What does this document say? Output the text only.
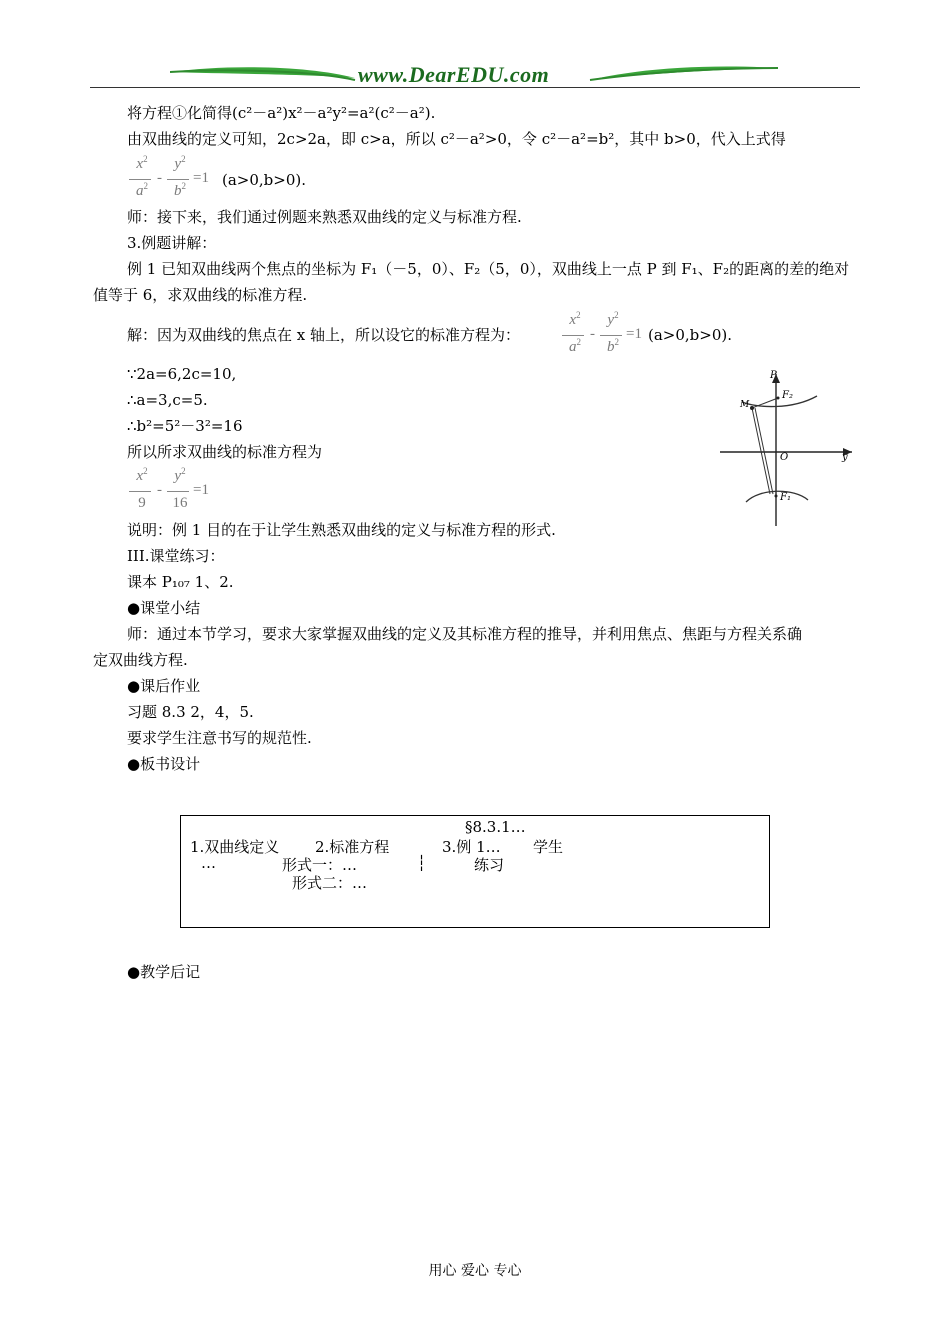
www.DearEDU.com
将方程①化简得(c²－a²)x²－a²y²=a²(c²－a²).
由双曲线的定义可知，2c>2a，即 c>a，所以 c²－a²>0，令 c²－a²=b²，其中 b>0，代入上式得
$x^2$
$a^2$ -
$y^2$
$b^2 =1$ (a>0,b>0).
师：接下来，我们通过例题来熟悉双曲线的定义与标准方程.
3.例题讲解：
例 1 已知双曲线两个焦点的坐标为 F₁（－5，0）、F₂（5，0），双曲线上一点 P 到 F₁、F₂的距离的差的绝对
值等于 6，求双曲线的标准方程.
解：因为双曲线的焦点在 x 轴上，所以设它的标准方程为：
$x^2$
$a^2$ -
$y^2$
$b^2 =1$ (a>0,b>0).
∵2a=6,2c=10,
∴a=3,c=5.
∴b²=5²－3²=16
所以所求双曲线的标准方程为
$x^2$
9
-
$y^2$
16
=1
P
F₂
M
O	y
F₁
说明：例 1 目的在于让学生熟悉双曲线的定义与标准方程的形式.
III.课堂练习：
课本 P₁₀₇ 1、2.
●课堂小结
师：通过本节学习，要求大家掌握双曲线的定义及其标准方程的推导，并利用焦点、焦距与方程关系确
定双曲线方程.
●课后作业
习题 8.3 2，4，5.
要求学生注意书写的规范性.
●板书设计
§8.3.1…
1.双曲线定义
…
2.标准方程
形式一：…
形式二：…
┆
3.例 1… 学生
练习
●教学后记
用心 爱心 专心
